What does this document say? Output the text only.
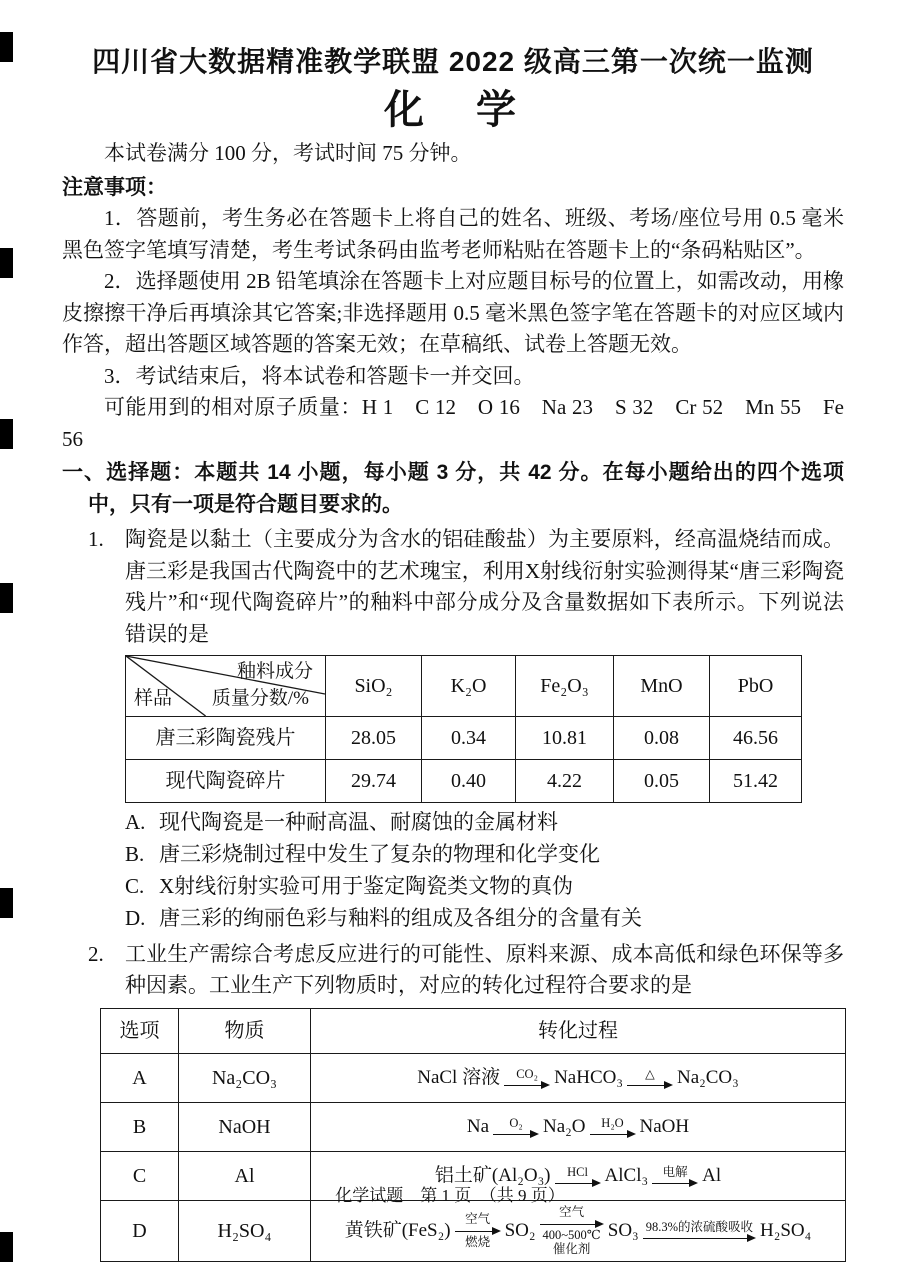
四川省大数据精准教学联盟 2022 级高三第一次统一监测
化　学

本试卷满分 100 分，考试时间 75 分钟。

注意事项：

1．答题前，考生务必在答题卡上将自己的姓名、班级、考场/座位号用 0.5 毫米黑色签字笔填写清楚，考生考试条码由监考老师粘贴在答题卡上的“条码粘贴区”。

2．选择题使用 2B 铅笔填涂在答题卡上对应题目标号的位置上，如需改动，用橡皮擦擦干净后再填涂其它答案;非选择题用 0.5 毫米黑色签字笔在答题卡的对应区域内作答，超出答题区域答题的答案无效；在草稿纸、试卷上答题无效。

3．考试结束后，将本试卷和答题卡一并交回。

可能用到的相对原子质量：H 1　C 12　O 16　Na 23　S 32　Cr 52　Mn 55　Fe 56

一、选择题：本题共 14 小题，每小题 3 分，共 42 分。在每小题给出的四个选项中，只有一项是符合题目要求的。

1. 陶瓷是以黏土（主要成分为含水的铝硅酸盐）为主要原料，经高温烧结而成。唐三彩是我国古代陶瓷中的艺术瑰宝，利用X射线衍射实验测得某“唐三彩陶瓷残片”和“现代陶瓷碎片”的釉料中部分成分及含量数据如下表所示。下列说法错误的是

釉料成分
质量分数/%
样品	SiO₂	K₂O	Fe₂O₃	MnO	PbO
唐三彩陶瓷残片	28.05	0.34	10.81	0.08	46.56
现代陶瓷碎片	29.74	0.40	4.22	0.05	51.42

A. 现代陶瓷是一种耐高温、耐腐蚀的金属材料

B. 唐三彩烧制过程中发生了复杂的物理和化学变化

C. X射线衍射实验可用于鉴定陶瓷类文物的真伪

D. 唐三彩的绚丽色彩与釉料的组成及各组分的含量有关

2. 工业生产需综合考虑反应进行的可能性、原料来源、成本高低和绿色环保等多种因素。工业生产下列物质时，对应的转化过程符合要求的是

选项	物质	转化过程
A	Na₂CO₃	NaCl 溶液 CO₂ NaHCO₃ △ Na₂CO₃

B	NaOH	Na O₂ Na₂O H₂O NaOH

C	Al	铝土矿(Al₂O₃) HCl AlCl₃ 电解 Al

D	H₂SO₄	黄铁矿(FeS₂)
空气
燃烧
SO₂
空气
400~500℃
催化剂
SO₃ 98.3%的浓硫酸吸收 H₂SO₄

化学试题　第 1 页　（共 9 页）
